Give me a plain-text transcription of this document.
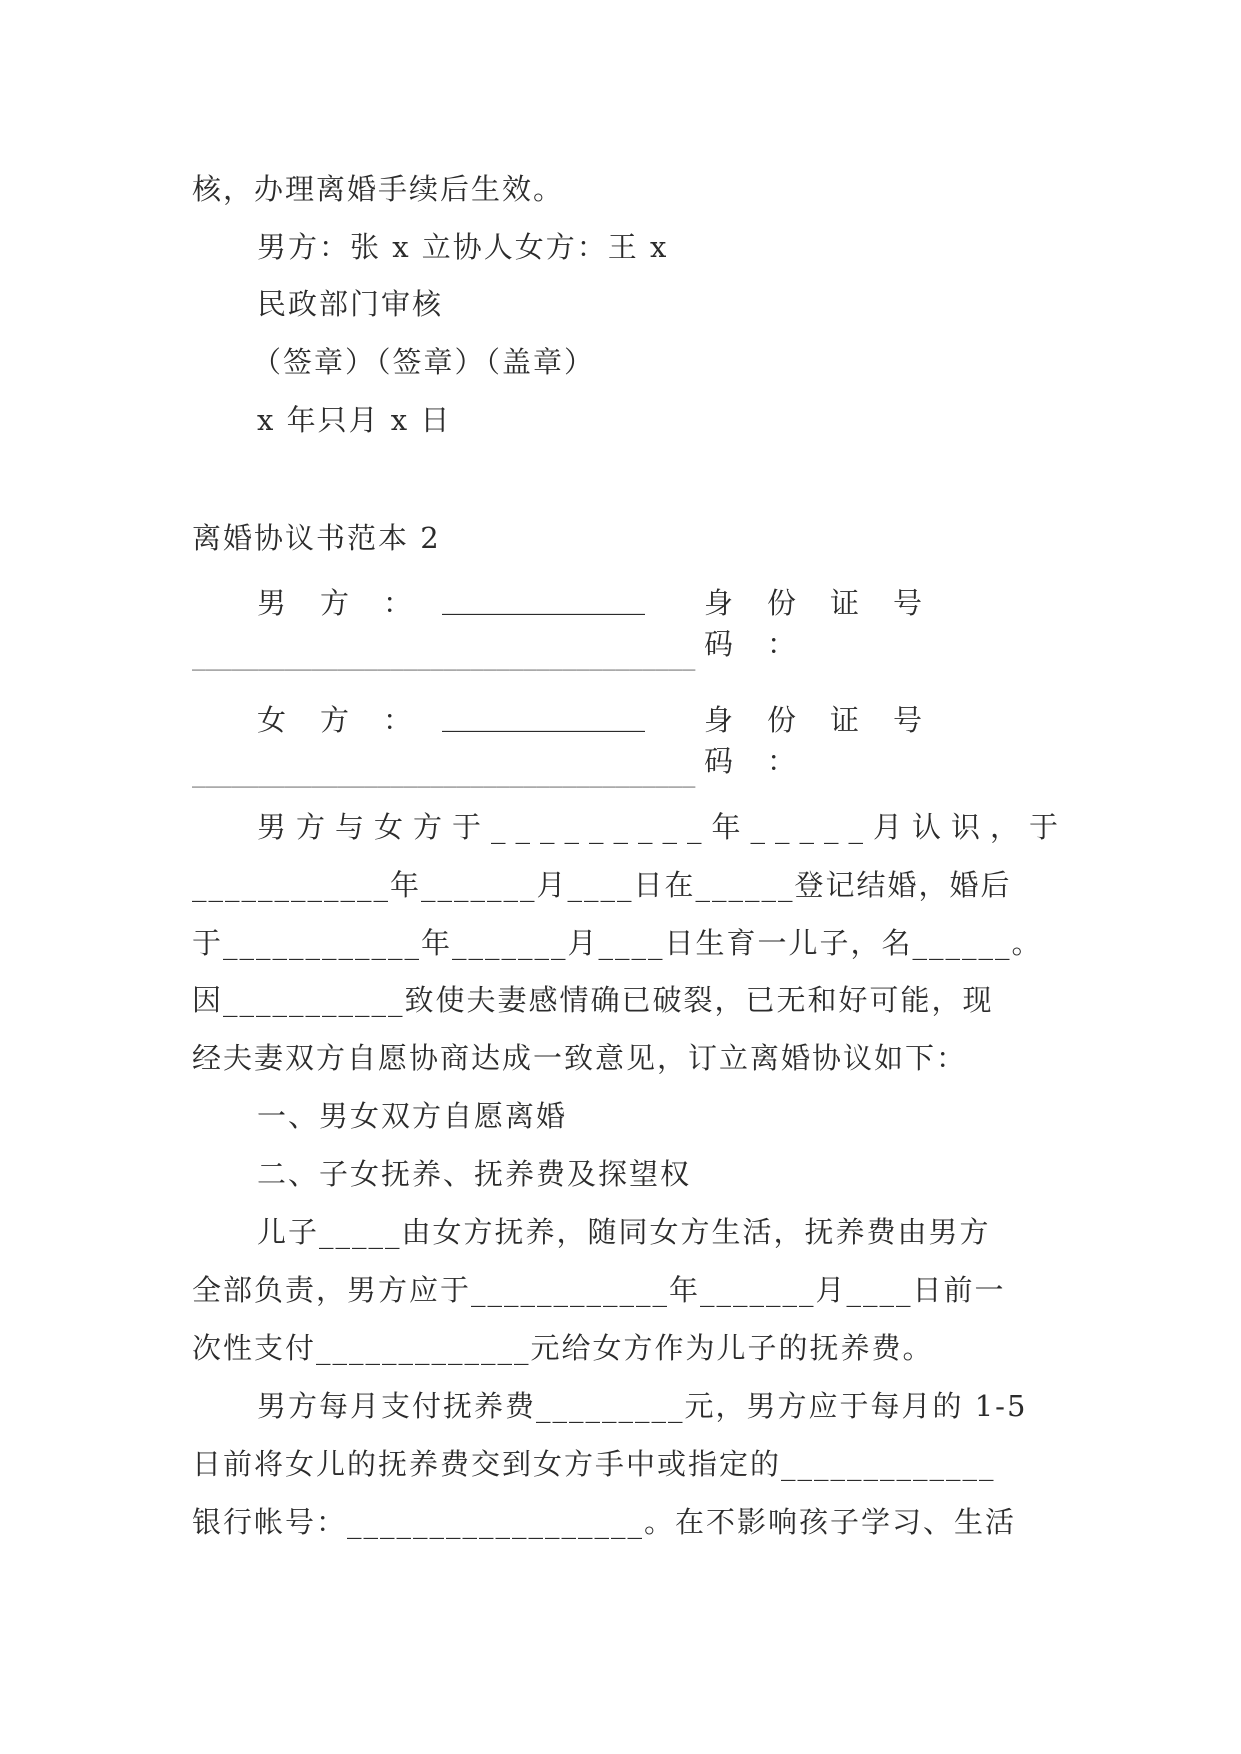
核，办理离婚手续后生效。
男方：张 x 立协人女方：王 x
民政部门审核
（签章）（签章）（盖章）
x 年只月 x 日
离婚协议书范本 2
男方：
______________ 身份证号码：
______________________________________
女方：
______________ 身份证号码：
______________________________________
男方与女方于_________年_____月认识，于
____________年_______月____日在______登记结婚，婚后
于____________年_______月____日生育一儿子，名______。
因___________致使夫妻感情确已破裂，已无和好可能，现
经夫妻双方自愿协商达成一致意见，订立离婚协议如下：
一、男女双方自愿离婚
二、子女抚养、抚养费及探望权
儿子_____由女方抚养，随同女方生活，抚养费由男方
全部负责，男方应于____________年_______月____日前一
次性支付_____________元给女方作为儿子的抚养费。
男方每月支付抚养费_________元，男方应于每月的 1-5
日前将女儿的抚养费交到女方手中或指定的_____________
银行帐号：__________________。在不影响孩子学习、生活
